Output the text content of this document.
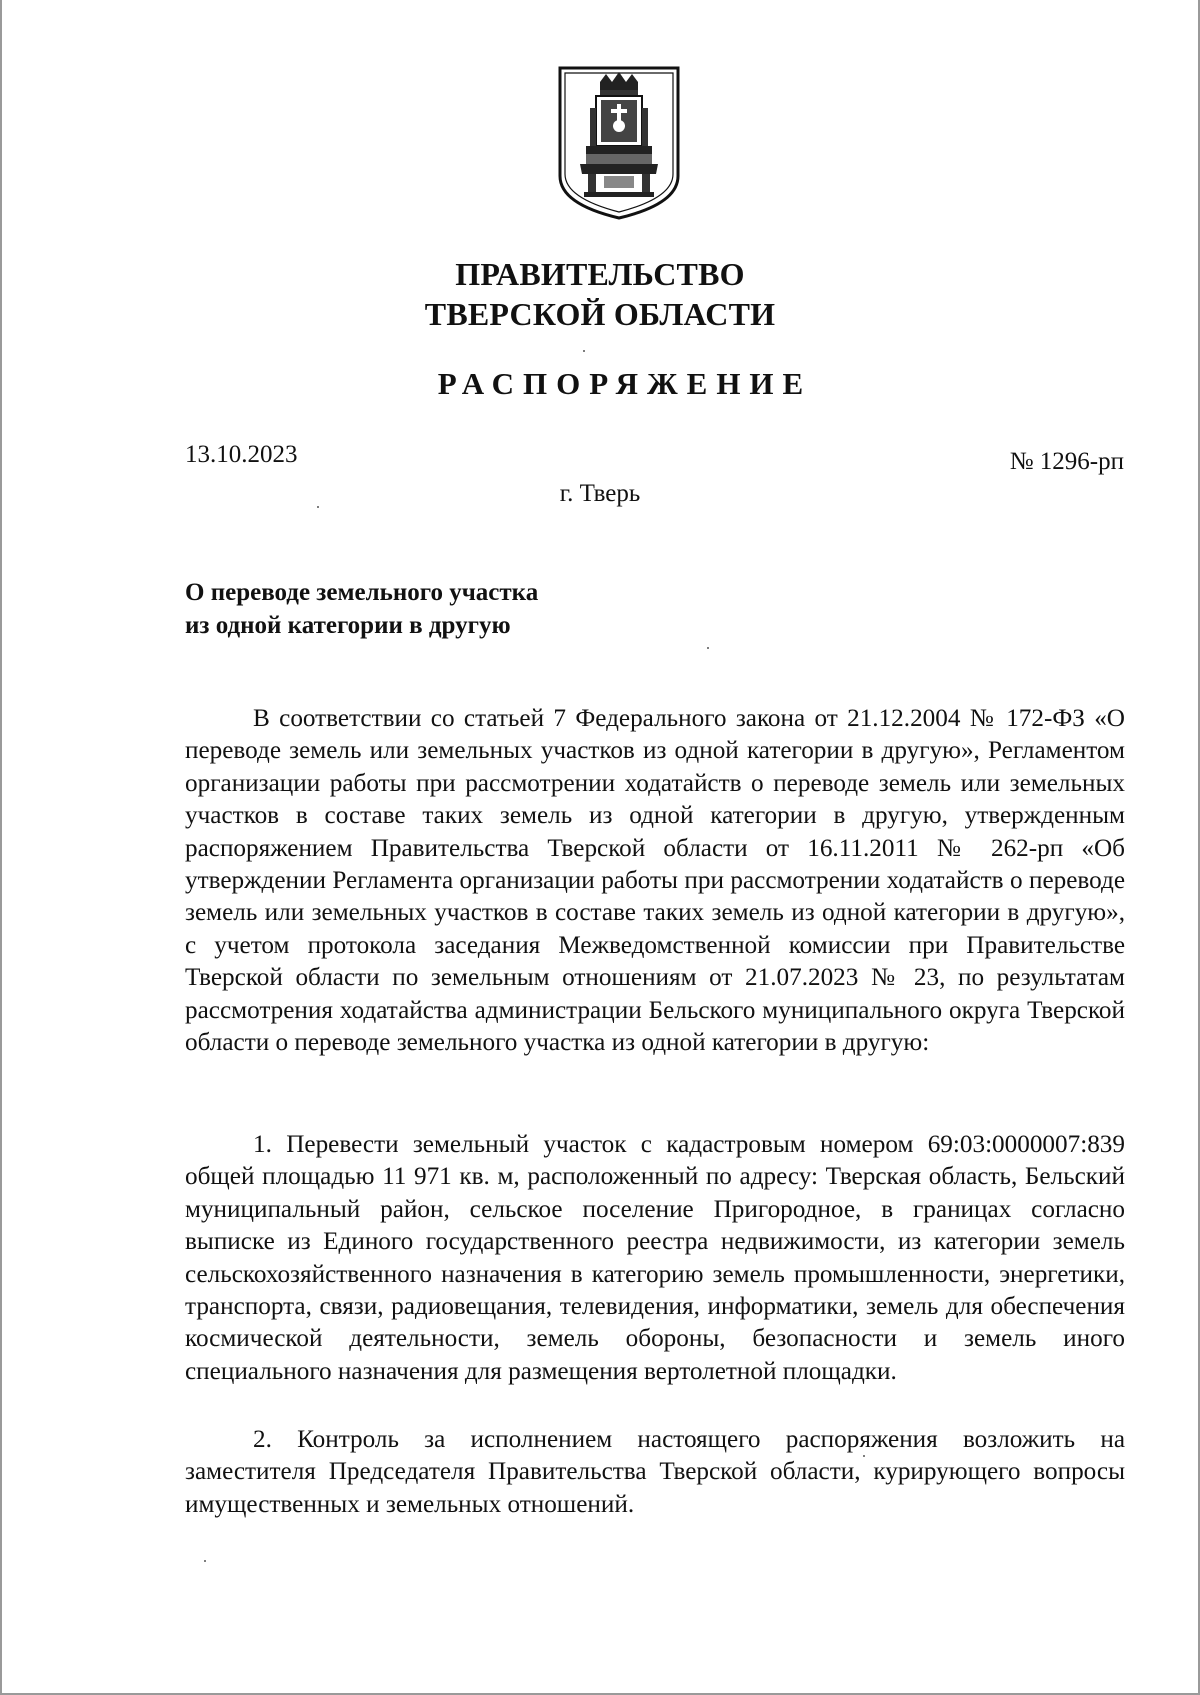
ПРАВИТЕЛЬСТВО
ТВЕРСКОЙ ОБЛАСТИ
РАСПОРЯЖЕНИЕ
13.10.2023	№ 1296-рп
г. Тверь
О переводе земельного участка
из одной категории в другую

В соответствии со статьей 7 Федерального закона от 21.12.2004 № 172-ФЗ «О переводе земель или земельных участков из одной категории в другую», Регламентом организации работы при рассмотрении ходатайств о переводе земель или земельных участков в составе таких земель из одной категории в другую, утвержденным распоряжением Правительства Тверской области от 16.11.2011 № 262-рп «Об утверждении Регламента организации работы при рассмотрении ходатайств о переводе земель или земельных участков в составе таких земель из одной категории в другую», с учетом протокола заседания Межведомственной комиссии при Правительстве Тверской области по земельным отношениям от 21.07.2023 № 23, по результатам рассмотрения ходатайства администрации Бельского муниципального округа Тверской области о переводе земельного участка из одной категории в другую:

1. Перевести земельный участок с кадастровым номером 69:03:0000007:839 общей площадью 11 971 кв. м, расположенный по адресу: Тверская область, Бельский муниципальный район, сельское поселение Пригородное, в границах согласно выписке из Единого государственного реестра недвижимости, из категории земель сельскохозяйственного назначения в категорию земель промышленности, энергетики, транспорта, связи, радиовещания, телевидения, информатики, земель для обеспечения космической деятельности, земель обороны, безопасности и земель иного специального назначения для размещения вертолетной площадки.

2. Контроль за исполнением настоящего распоряжения возложить на заместителя Председателя Правительства Тверской области, курирующего вопросы имущественных и земельных отношений.
